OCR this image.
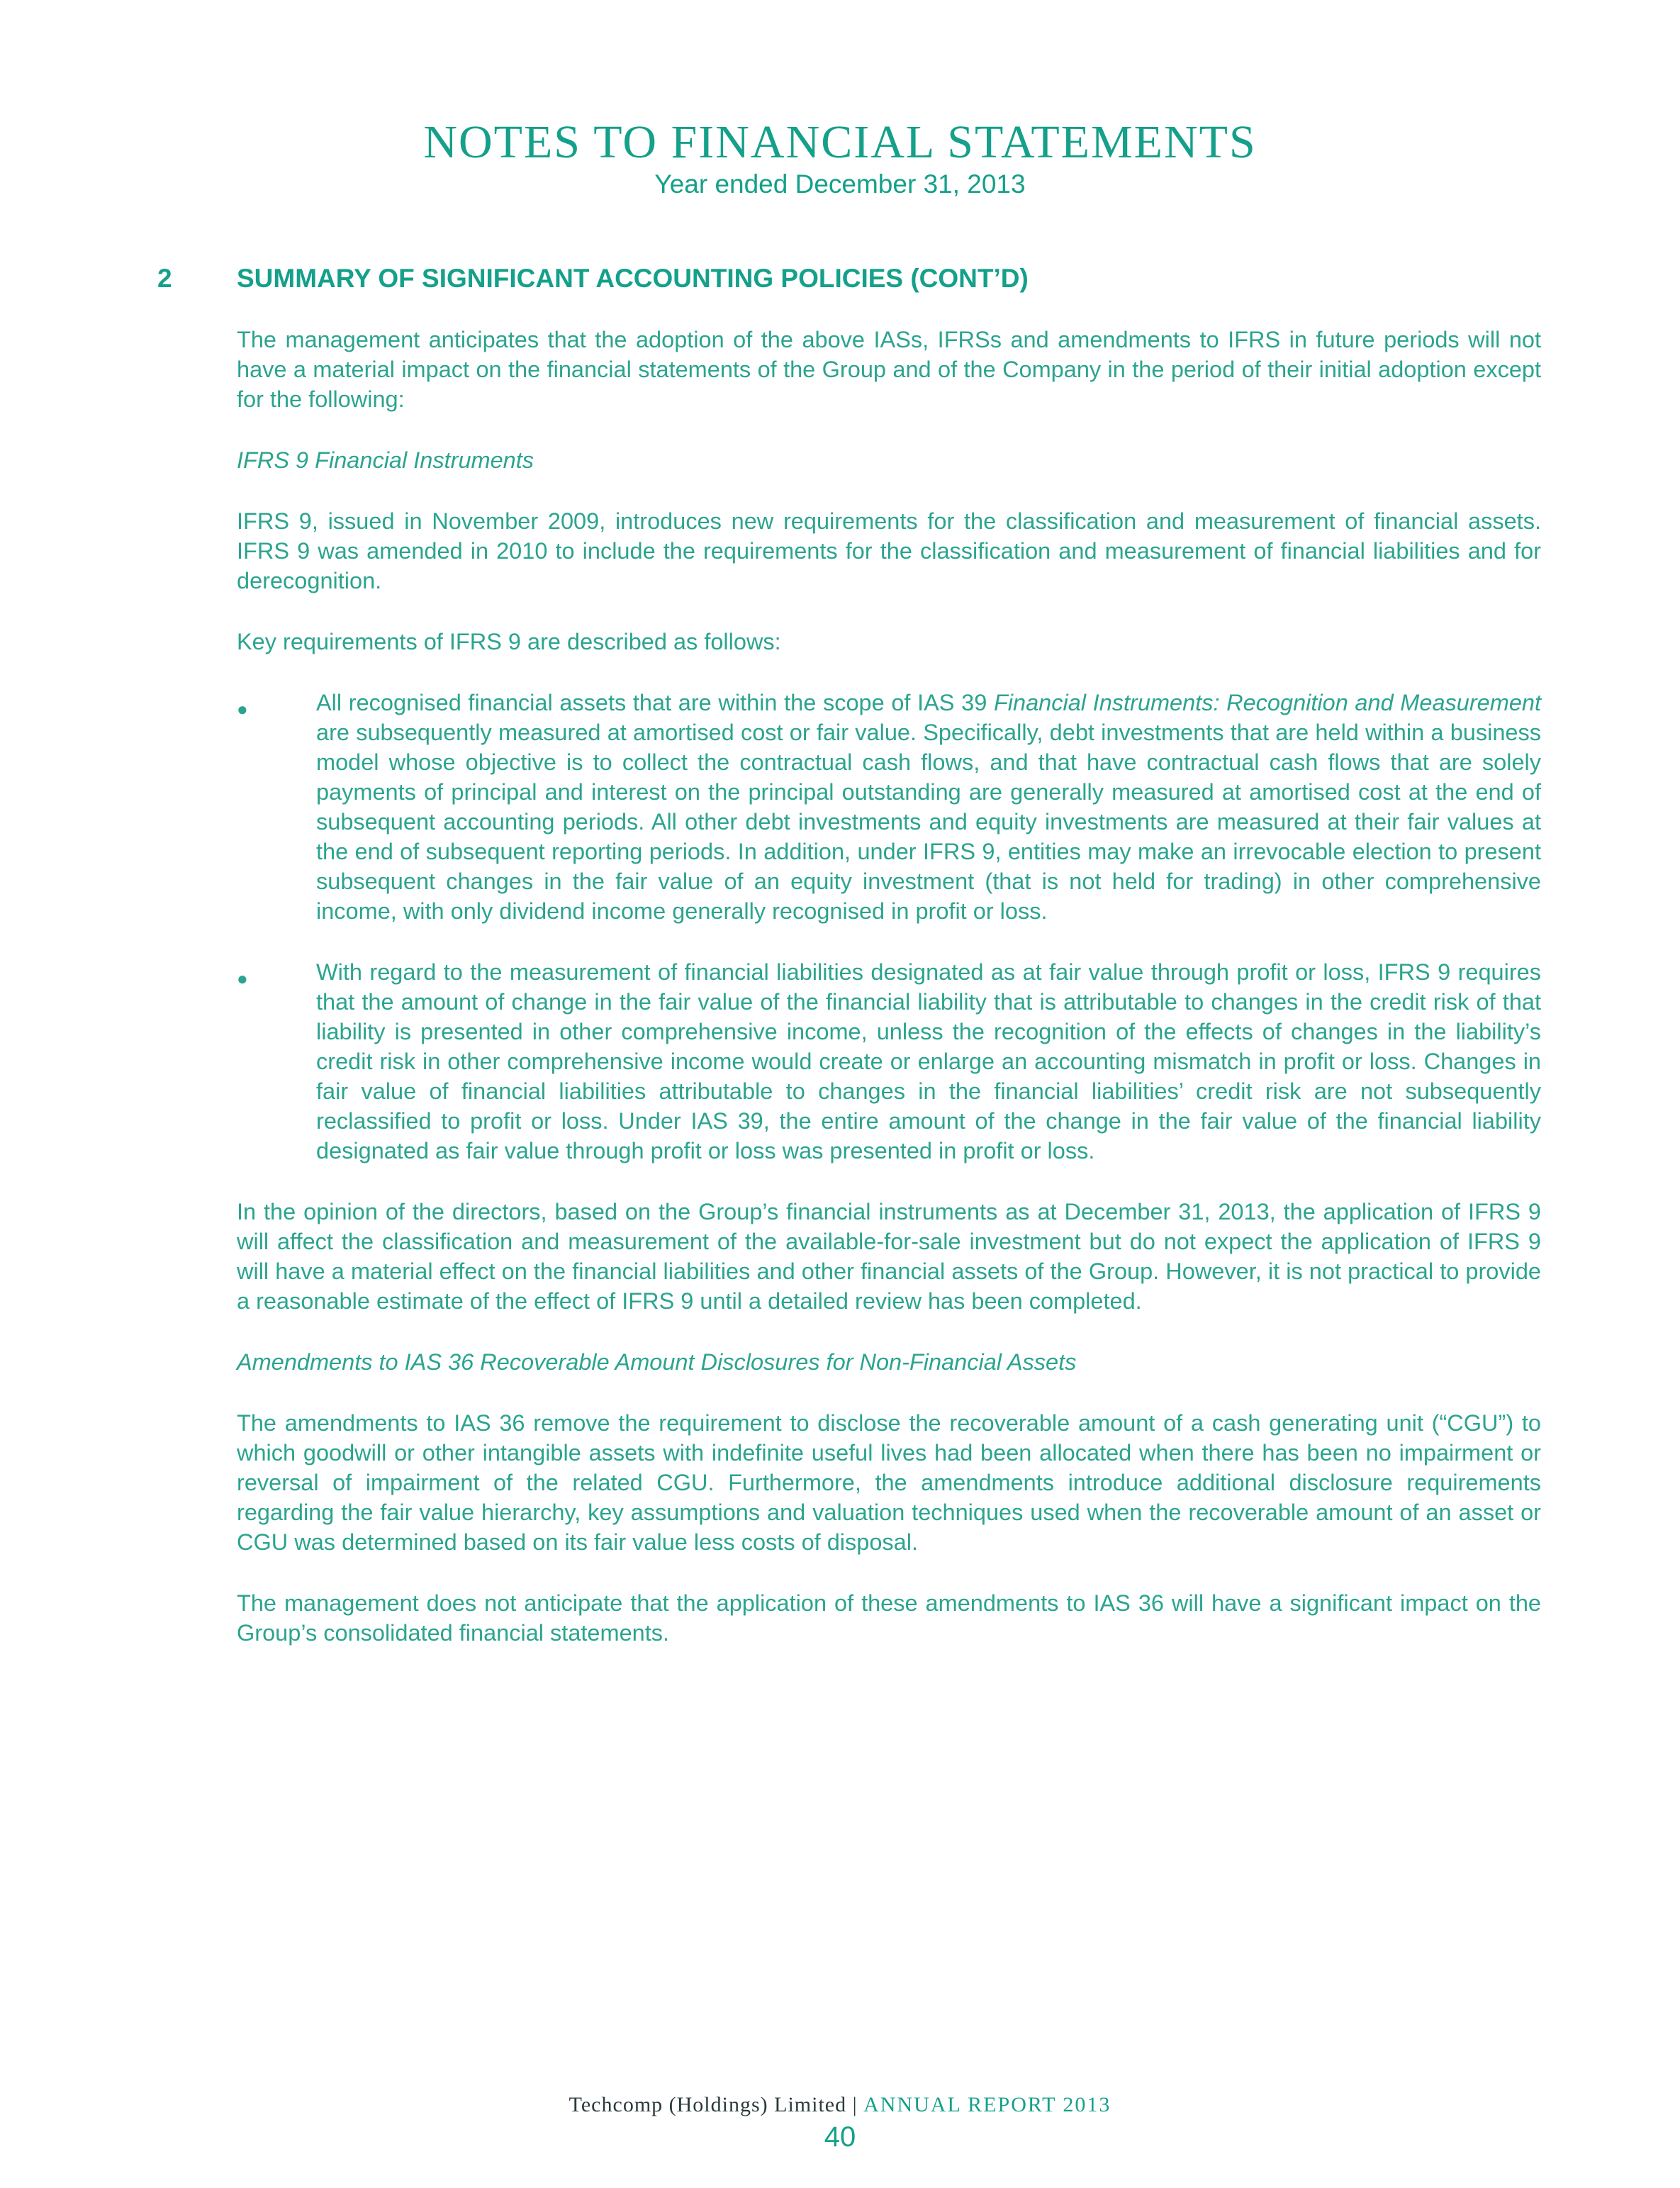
NOTES TO FINANCIAL STATEMENTS
Year ended December 31, 2013
2	SUMMARY OF SIGNIFICANT ACCOUNTING POLICIES (CONT’D)

The management anticipates that the adoption of the above IASs, IFRSs and amendments to IFRS in future periods will not have a material impact on the financial statements of the Group and of the Company in the period of their initial adoption except for the following:

IFRS 9 Financial Instruments

IFRS 9, issued in November 2009, introduces new requirements for the classification and measurement of financial assets. IFRS 9 was amended in 2010 to include the requirements for the classification and measurement of financial liabilities and for derecognition.

Key requirements of IFRS 9 are described as follows:

●	All recognised financial assets that are within the scope of IAS 39 Financial Instruments: Recognition and Measurement are subsequently measured at amortised cost or fair value. Specifically, debt investments that are held within a business model whose objective is to collect the contractual cash flows, and that have contractual cash flows that are solely payments of principal and interest on the principal outstanding are generally measured at amortised cost at the end of subsequent accounting periods. All other debt investments and equity investments are measured at their fair values at the end of subsequent reporting periods. In addition, under IFRS 9, entities may make an irrevocable election to present subsequent changes in the fair value of an equity investment (that is not held for trading) in other comprehensive income, with only dividend income generally recognised in profit or loss.
●	With regard to the measurement of financial liabilities designated as at fair value through profit or loss, IFRS 9 requires that the amount of change in the fair value of the financial liability that is attributable to changes in the credit risk of that liability is presented in other comprehensive income, unless the recognition of the effects of changes in the liability’s credit risk in other comprehensive income would create or enlarge an accounting mismatch in profit or loss. Changes in fair value of financial liabilities attributable to changes in the financial liabilities’ credit risk are not subsequently reclassified to profit or loss. Under IAS 39, the entire amount of the change in the fair value of the financial liability designated as fair value through profit or loss was presented in profit or loss.

In the opinion of the directors, based on the Group’s financial instruments as at December 31, 2013, the application of IFRS 9 will affect the classification and measurement of the available-for-sale investment but do not expect the application of IFRS 9 will have a material effect on the financial liabilities and other financial assets of the Group. However, it is not practical to provide a reasonable estimate of the effect of IFRS 9 until a detailed review has been completed.

Amendments to IAS 36 Recoverable Amount Disclosures for Non-Financial Assets

The amendments to IAS 36 remove the requirement to disclose the recoverable amount of a cash generating unit (“CGU”) to which goodwill or other intangible assets with indefinite useful lives had been allocated when there has been no impairment or reversal of impairment of the related CGU. Furthermore, the amendments introduce additional disclosure requirements regarding the fair value hierarchy, key assumptions and valuation techniques used when the recoverable amount of an asset or CGU was determined based on its fair value less costs of disposal.

The management does not anticipate that the application of these amendments to IAS 36 will have a significant impact on the Group’s consolidated financial statements.

Techcomp (Holdings) Limited | ANNUAL REPORT 2013
40
